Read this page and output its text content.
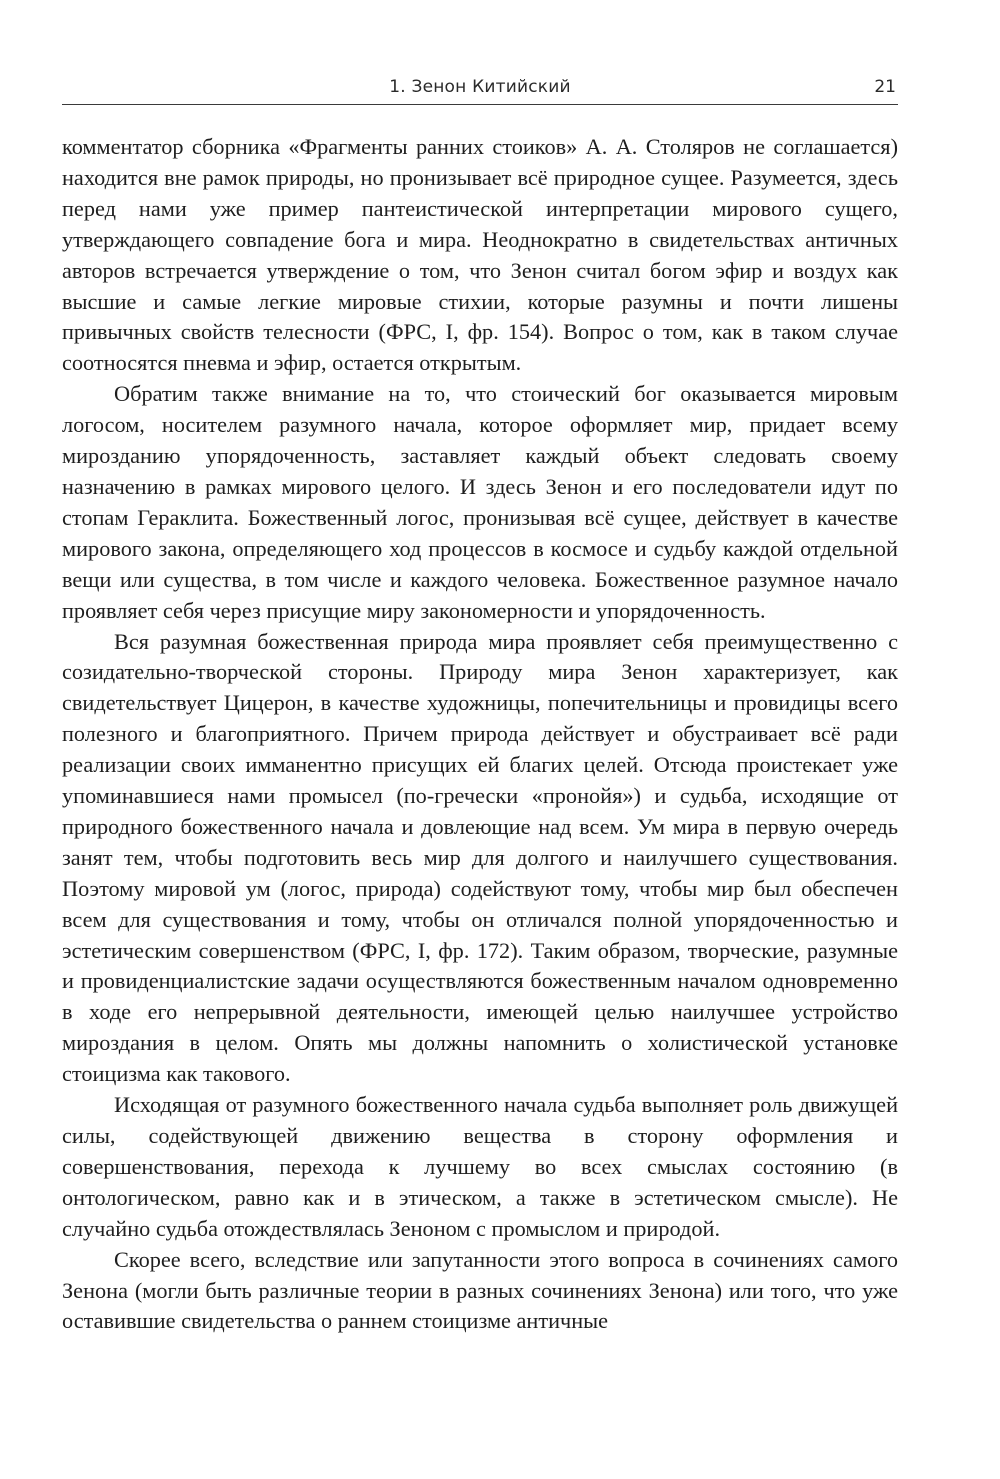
1. Зенон Китийский	21

комментатор сборника «Фрагменты ранних стоиков» А. А. Столяров не соглашается) находится вне рамок природы, но пронизывает всё природное сущее. Разумеется, здесь перед нами уже пример пантеистической интерпретации мирового сущего, утверждающего совпадение бога и мира. Неоднократно в свидетельствах античных авторов встречается утверждение о том, что Зенон считал богом эфир и воздух как высшие и самые легкие мировые стихии, которые разумны и почти лишены привычных свойств телесности (ФРС, I, фр. 154). Вопрос о том, как в таком случае соотносятся пневма и эфир, остается открытым.

Обратим также внимание на то, что стоический бог оказывается мировым логосом, носителем разумного начала, которое оформляет мир, придает всему мирозданию упорядоченность, заставляет каждый объект следовать своему назначению в рамках мирового целого. И здесь Зенон и его последователи идут по стопам Гераклита. Божественный логос, пронизывая всё сущее, действует в качестве мирового закона, определяющего ход процессов в космосе и судьбу каждой отдельной вещи или существа, в том числе и каждого человека. Божественное разумное начало проявляет себя через присущие миру закономерности и упорядоченность.

Вся разумная божественная природа мира проявляет себя преимущественно с созидательно-творческой стороны. Природу мира Зенон характеризует, как свидетельствует Цицерон, в качестве художницы, попечительницы и провидицы всего полезного и благоприятного. Причем природа действует и обустраивает всё ради реализации своих имманентно присущих ей благих целей. Отсюда проистекает уже упоминавшиеся нами промысел (по-гречески «пронойя») и судьба, исходящие от природного божественного начала и довлеющие над всем. Ум мира в первую очередь занят тем, чтобы подготовить весь мир для долгого и наилучшего существования. Поэтому мировой ум (логос, природа) содействуют тому, чтобы мир был обеспечен всем для существования и тому, чтобы он отличался полной упорядоченностью и эстетическим совершенством (ФРС, I, фр. 172). Таким образом, творческие, разумные и провиденциалистские задачи осуществляются божественным началом одновременно в ходе его непрерывной деятельности, имеющей целью наилучшее устройство мироздания в целом. Опять мы должны напомнить о холистической установке стоицизма как такового.

Исходящая от разумного божественного начала судьба выполняет роль движущей силы, содействующей движению вещества в сторону оформления и совершенствования, перехода к лучшему во всех смыслах состоянию (в онтологическом, равно как и в этическом, а также в эстетическом смысле). Не случайно судьба отождествлялась Зеноном с промыслом и природой.

Скорее всего, вследствие или запутанности этого вопроса в сочинениях самого Зенона (могли быть различные теории в разных сочинениях Зенона) или того, что уже оставившие свидетельства о раннем стоицизме античные
